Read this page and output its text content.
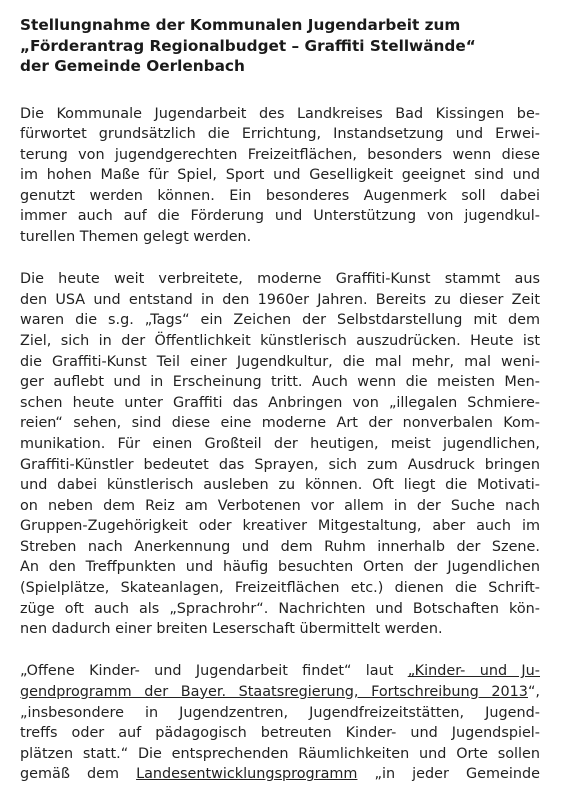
Stellungnahme der Kommunalen Jugendarbeit zum
„Förderantrag Regionalbudget – Graffiti Stellwände“
der Gemeinde Oerlenbach
Die Kommunale Jugendarbeit des Landkreises Bad Kissingen be-
fürwortet grundsätzlich die Errichtung, Instandsetzung und Erwei-
terung von jugendgerechten Freizeitflächen, besonders wenn diese
im hohen Maße für Spiel, Sport und Geselligkeit geeignet sind und
genutzt werden können. Ein besonderes Augenmerk soll dabei
immer auch auf die Förderung und Unterstützung von jugendkul-
turellen Themen gelegt werden.
Die heute weit verbreitete, moderne Graffiti-Kunst stammt aus
den USA und entstand in den 1960er Jahren. Bereits zu dieser Zeit
waren die s.g. „Tags“ ein Zeichen der Selbstdarstellung mit dem
Ziel, sich in der Öffentlichkeit künstlerisch auszudrücken. Heute ist
die Graffiti-Kunst Teil einer Jugendkultur, die mal mehr, mal weni-
ger auflebt und in Erscheinung tritt. Auch wenn die meisten Men-
schen heute unter Graffiti das Anbringen von „illegalen Schmiere-
reien“ sehen, sind diese eine moderne Art der nonverbalen Kom-
munikation. Für einen Großteil der heutigen, meist jugendlichen,
Graffiti-Künstler bedeutet das Sprayen, sich zum Ausdruck bringen
und dabei künstlerisch ausleben zu können. Oft liegt die Motivati-
on neben dem Reiz am Verbotenen vor allem in der Suche nach
Gruppen-Zugehörigkeit oder kreativer Mitgestaltung, aber auch im
Streben nach Anerkennung und dem Ruhm innerhalb der Szene.
An den Treffpunkten und häufig besuchten Orten der Jugendlichen
(Spielplätze, Skateanlagen, Freizeitflächen etc.) dienen die Schrift-
züge oft auch als „Sprachrohr“. Nachrichten und Botschaften kön-
nen dadurch einer breiten Leserschaft übermittelt werden.
„Offene Kinder- und Jugendarbeit findet“ laut „Kinder- und Ju-
gendprogramm der Bayer. Staatsregierung, Fortschreibung 2013“,
„insbesondere in Jugendzentren, Jugendfreizeitstätten, Jugend-
treffs oder auf pädagogisch betreuten Kinder- und Jugendspiel-
plätzen statt.“ Die entsprechenden Räumlichkeiten und Orte sollen
gemäß dem Landesentwicklungsprogramm „in jeder Gemeinde
